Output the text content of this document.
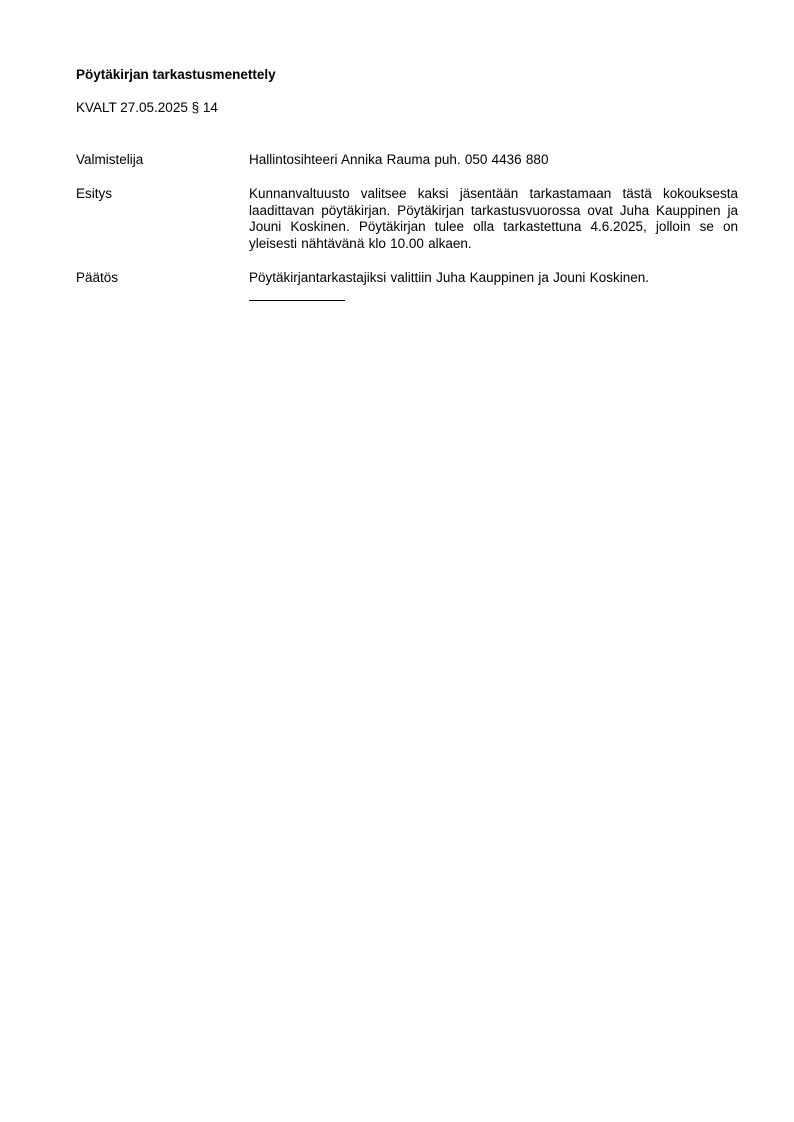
Pöytäkirjan tarkastusmenettely
KVALT 27.05.2025 § 14
Valmistelija	Hallintosihteeri Annika Rauma puh. 050 4436 880
Esitys	Kunnanvaltuusto valitsee kaksi jäsentään tarkastamaan tästä kokouksesta laadittavan pöytäkirjan. Pöytäkirjan tarkastusvuorossa ovat Juha Kauppinen ja Jouni Koskinen. Pöytäkirjan tulee olla tarkastettuna 4.6.2025, jolloin se on yleisesti nähtävänä klo 10.00 alkaen.
Päätös	Pöytäkirjantarkastajiksi valittiin Juha Kauppinen ja Jouni Koskinen.
